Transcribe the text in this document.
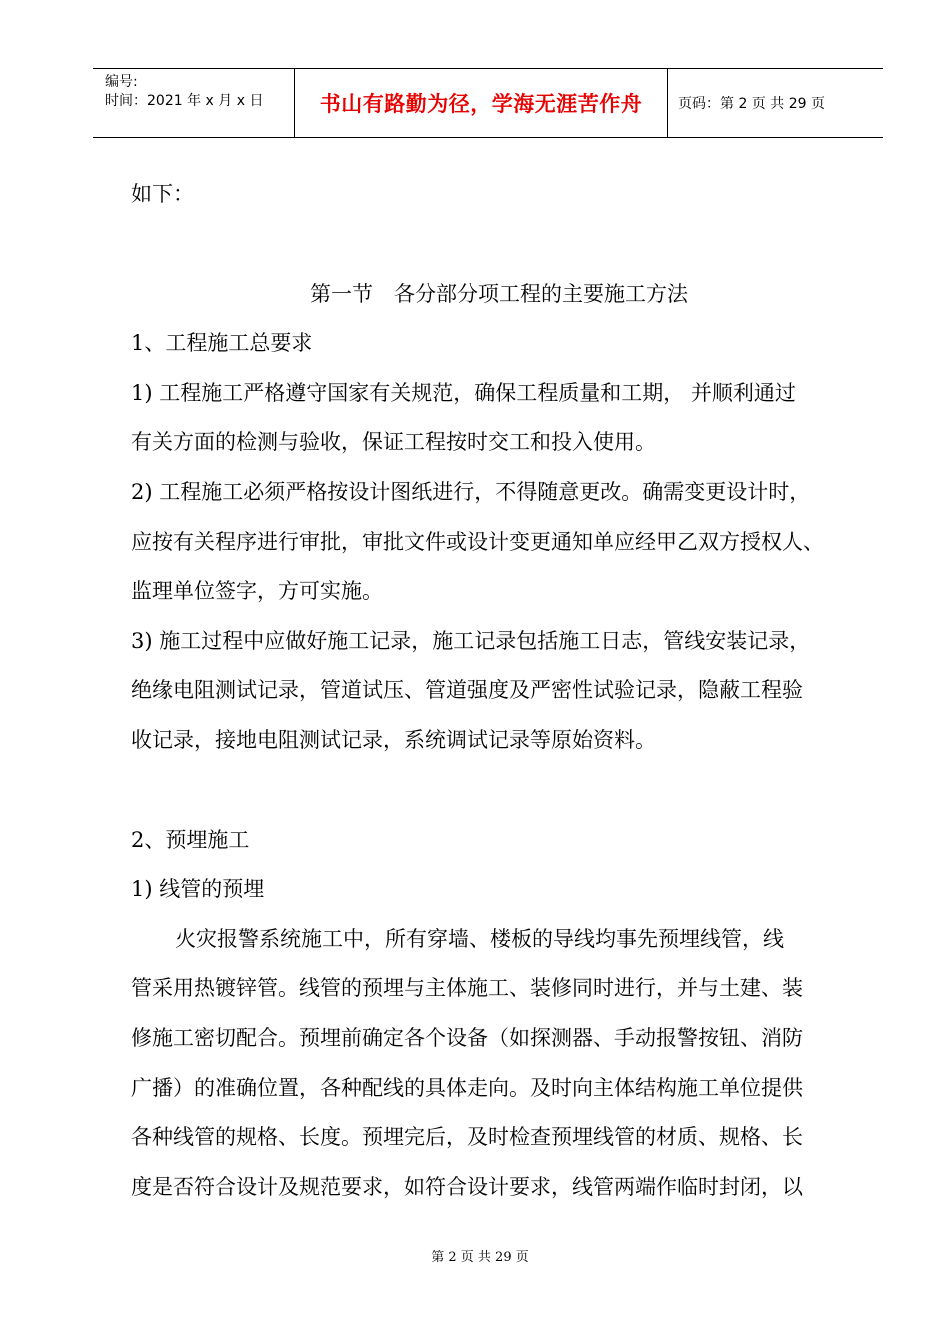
编号:
时间：2021 年 x 月 x 日	书山有路勤为径，学海无涯苦作舟	页码：第 2 页 共 29 页

如下：

第一节　各分部分项工程的主要施工方法

1、工程施工总要求

1) 工程施工严格遵守国家有关规范，确保工程质量和工期， 并顺利通过

有关方面的检测与验收，保证工程按时交工和投入使用。

2) 工程施工必须严格按设计图纸进行，不得随意更改。确需变更设计时，

应按有关程序进行审批，审批文件或设计变更通知单应经甲乙双方授权人、

监理单位签字，方可实施。

3) 施工过程中应做好施工记录，施工记录包括施工日志，管线安装记录，

绝缘电阻测试记录，管道试压、管道强度及严密性试验记录，隐蔽工程验

收记录，接地电阻测试记录，系统调试记录等原始资料。

2、预埋施工

1) 线管的预埋

火灾报警系统施工中，所有穿墙、楼板的导线均事先预埋线管，线

管采用热镀锌管。线管的预埋与主体施工、装修同时进行，并与土建、装

修施工密切配合。预埋前确定各个设备（如探测器、手动报警按钮、消防

广播）的准确位置，各种配线的具体走向。及时向主体结构施工单位提供

各种线管的规格、长度。预埋完后，及时检查预埋线管的材质、规格、长

度是否符合设计及规范要求，如符合设计要求，线管两端作临时封闭，以

第 2 页 共 29 页
